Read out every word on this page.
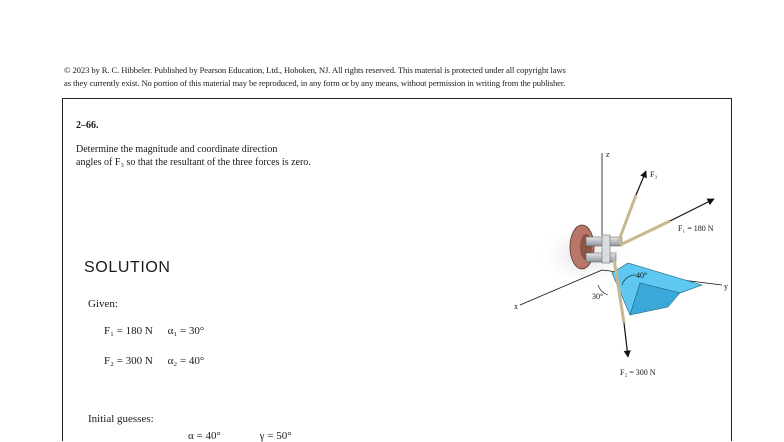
© 2023 by R. C. Hibbeler. Published by Pearson Education, Ltd., Hoboken, NJ. All rights reserved. This material is protected under all copyright laws
as they currently exist. No portion of this material may be reproduced, in any form or by any means, without permission in writing from the publisher.
2–66.
Determine the magnitude and coordinate direction
angles of F₃ so that the resultant of the three forces is zero.
SOLUTION
Given:
F₁ = 180 N α₁ = 30°
F₂ = 300 N α₂ = 40°
Initial guesses:
α = 40°	γ = 50°
z
x
y
F₃
F₁ = 180 N
F₂ = 300 N
40°
30°
